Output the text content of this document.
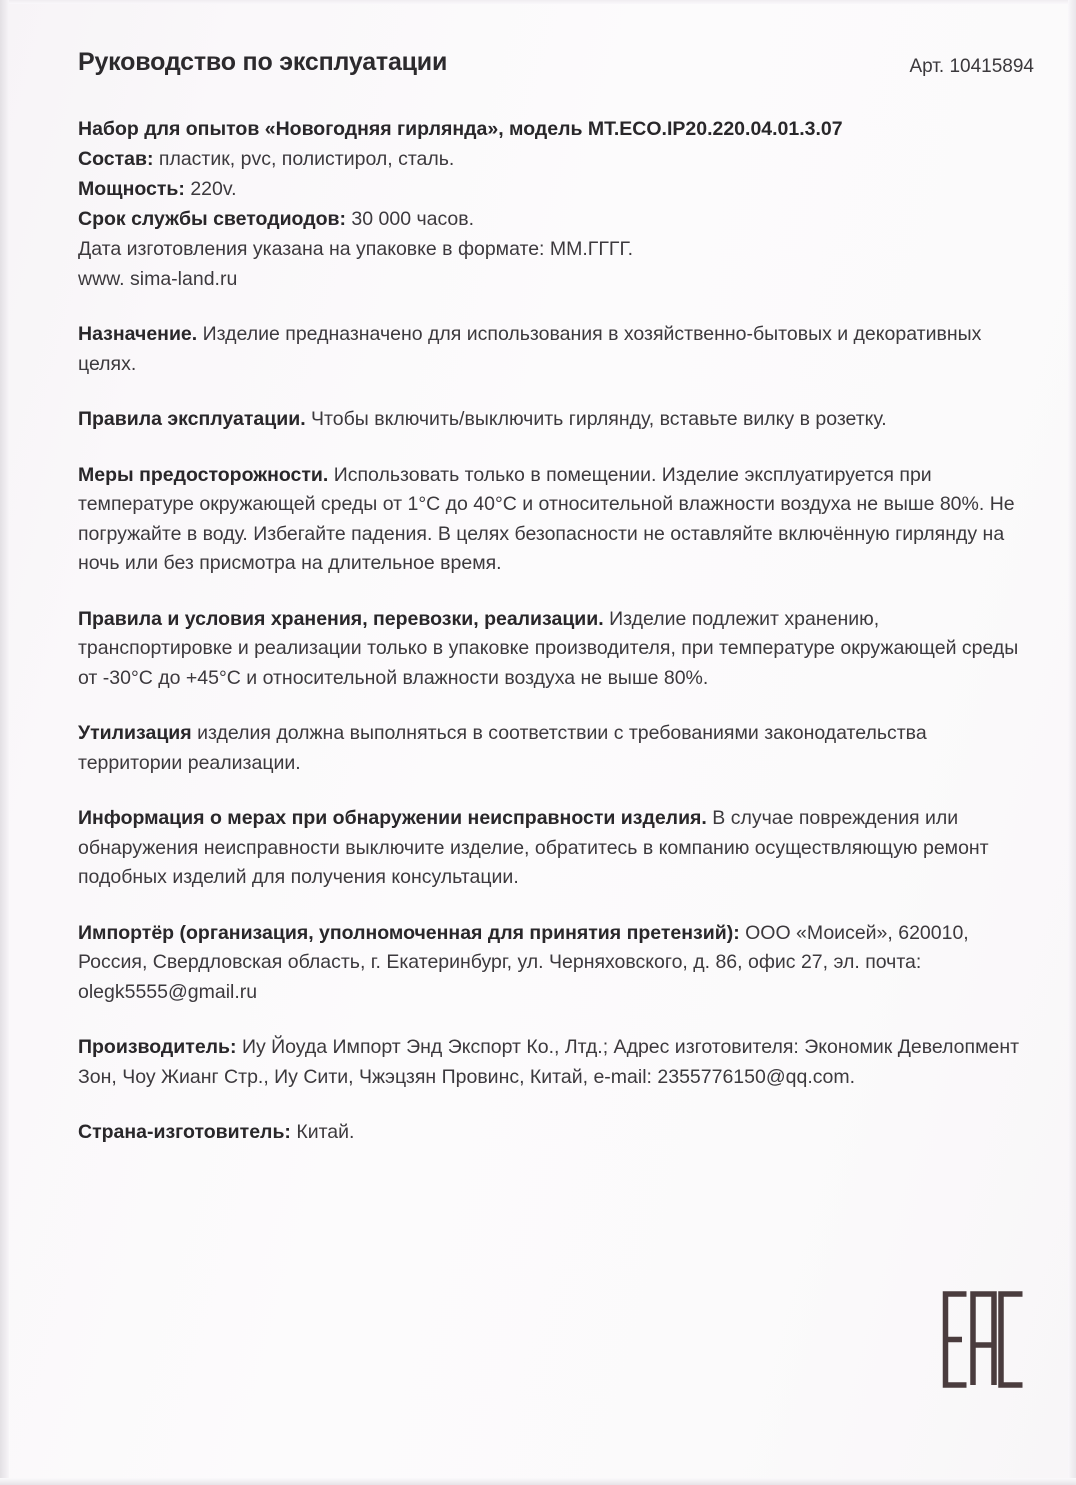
Руководство по эксплуатации	Арт. 10415894
Набор для опытов «Новогодняя гирлянда», модель MT.ECO.IP20.220.04.01.3.07
Состав: пластик, pvc, полистирол, сталь.
Мощность: 220v.
Срок службы светодиодов: 30 000 часов.
Дата изготовления указана на упаковке в формате: ММ.ГГГГ.
www. sima-land.ru
Назначение. Изделие предназначено для использования в хозяйственно-бытовых и декоративных целях.
Правила эксплуатации. Чтобы включить/выключить гирлянду, вставьте вилку в розетку.
Меры предосторожности. Использовать только в помещении. Изделие эксплуатируется при температуре окружающей среды от 1°С до 40°С и относительной влажности воздуха не выше 80%. Не погружайте в воду. Избегайте падения. В целях безопасности не оставляйте включённую гирлянду на ночь или без присмотра на длительное время.
Правила и условия хранения, перевозки, реализации. Изделие подлежит хранению, транспортировке и реализации только в упаковке производителя, при температуре окружающей среды от -30°С до +45°С и относительной влажности воздуха не выше 80%.
Утилизация изделия должна выполняться в соответствии с требованиями законодательства территории реализации.
Информация о мерах при обнаружении неисправности изделия. В случае повреждения или обнаружения неисправности выключите изделие, обратитесь в компанию осуществляющую ремонт подобных изделий для получения консультации.
Импортёр (организация, уполномоченная для принятия претензий): ООО «Моисей», 620010, Россия, Свердловская область, г. Екатеринбург, ул. Черняховского, д. 86, офис 27, эл. почта: olegk5555@gmail.ru
Производитель: Иу Йоуда Импорт Энд Экспорт Ко., Лтд.; Адрес изготовителя: Экономик Девелопмент Зон, Чоу Жианг Стр., Иу Сити, Чжэцзян Провинс, Китай, e-mail: 2355776150@qq.com.
Страна-изготовитель: Китай.
